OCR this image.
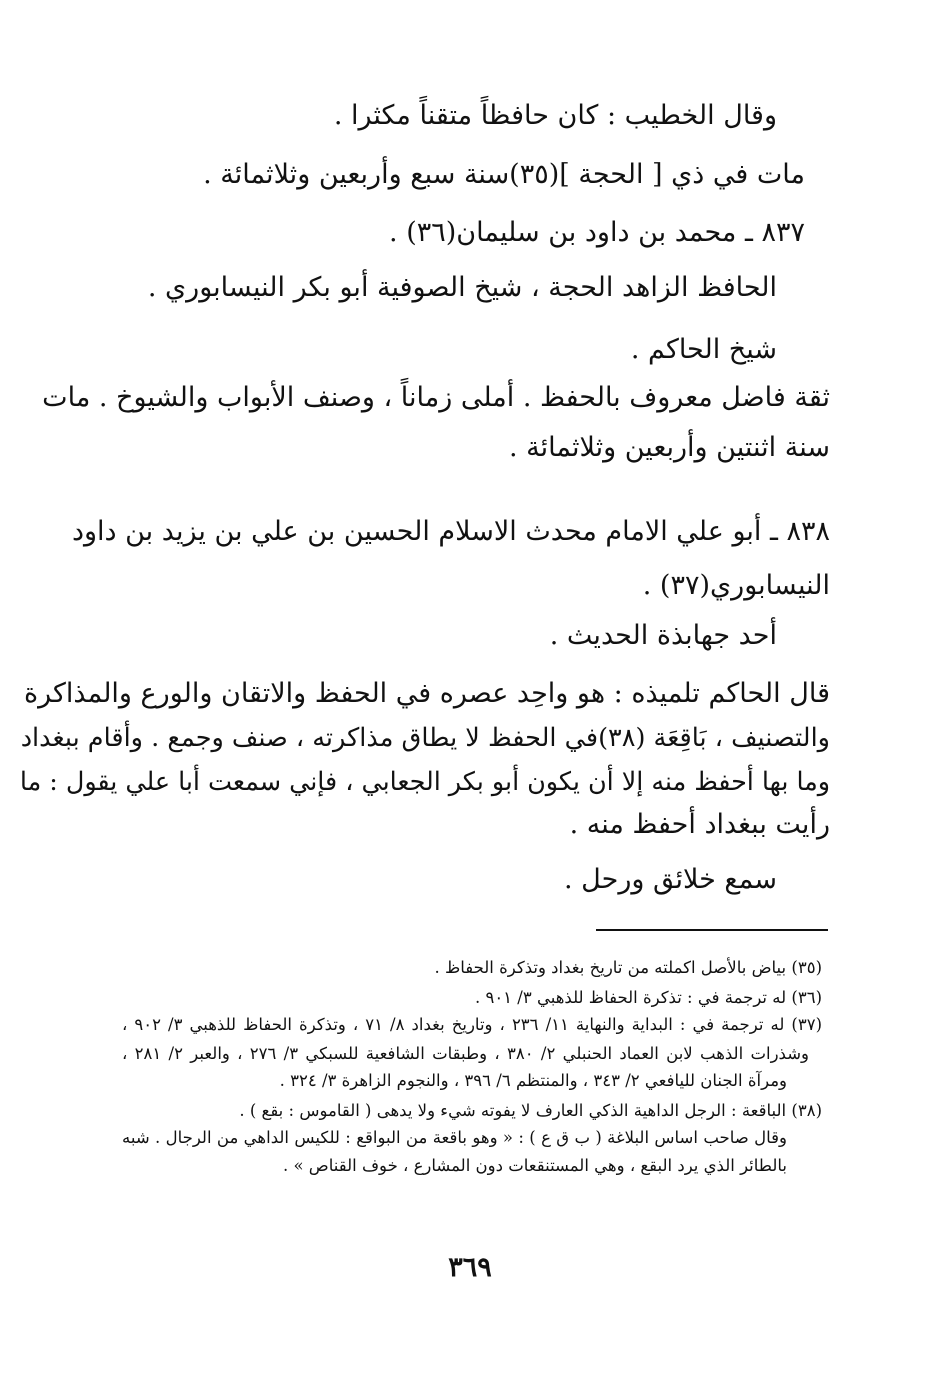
وقال الخطيب : كان حافظاً متقناً مكثرا .
مات في ذي [ الحجة ](٣٥)سنة سبع وأربعين وثلاثمائة .
٨٣٧ ـ محمد بن داود بن سليمان(٣٦) .
الحافظ الزاهد الحجة ، شيخ الصوفية أبو بكر النيسابوري .
شيخ الحاكم .
ثقة فاضل معروف بالحفظ . أملى زماناً ، وصنف الأبواب والشيوخ . مات
سنة اثنتين وأربعين وثلاثمائة .
٨٣٨ ـ أبو علي الامام محدث الاسلام الحسين بن علي بن يزيد بن داود
النيسابوري(٣٧) .
أحد جهابذة الحديث .
قال الحاكم تلميذه : هو واحِد عصره في الحفظ والاتقان والورع والمذاكرة
والتصنيف ، بَاقِعَة (٣٨)في الحفظ لا يطاق مذاكرته ، صنف وجمع . وأقام ببغداد
وما بها أحفظ منه إلا أن يكون أبو بكر الجعابي ، فإني سمعت أبا علي يقول : ما
رأيت ببغداد أحفظ منه .
سمع خلائق ورحل .
(٣٥) بياض بالأصل اكملته من تاريخ بغداد وتذكرة الحفاظ .
(٣٦) له ترجمة في : تذكرة الحفاظ للذهبي ٣/ ٩٠١ .
(٣٧) له ترجمة في : البداية والنهاية ١١/ ٢٣٦ ، وتاريخ بغداد ٨/ ٧١ ، وتذكرة الحفاظ للذهبي ٣/ ٩٠٢ ،
وشذرات الذهب لابن العماد الحنبلي ٢/ ٣٨٠ ، وطبقات الشافعية للسبكي ٣/ ٢٧٦ ، والعبر ٢/ ٢٨١ ،
ومرآة الجنان لليافعي ٢/ ٣٤٣ ، والمنتظم ٦/ ٣٩٦ ، والنجوم الزاهرة ٣/ ٣٢٤ .
(٣٨) الباقعة : الرجل الداهية الذكي العارف لا يفوته شيء ولا يدهى ( القاموس : بقع ) .
وقال صاحب اساس البلاغة ( ب ق ع ) : « وهو باقعة من البواقع : للكيس الداهي من الرجال . شبه
بالطائر الذي يرد البقع ، وهي المستنقعات دون المشارع ، خوف القناص » .
٣٦٩
